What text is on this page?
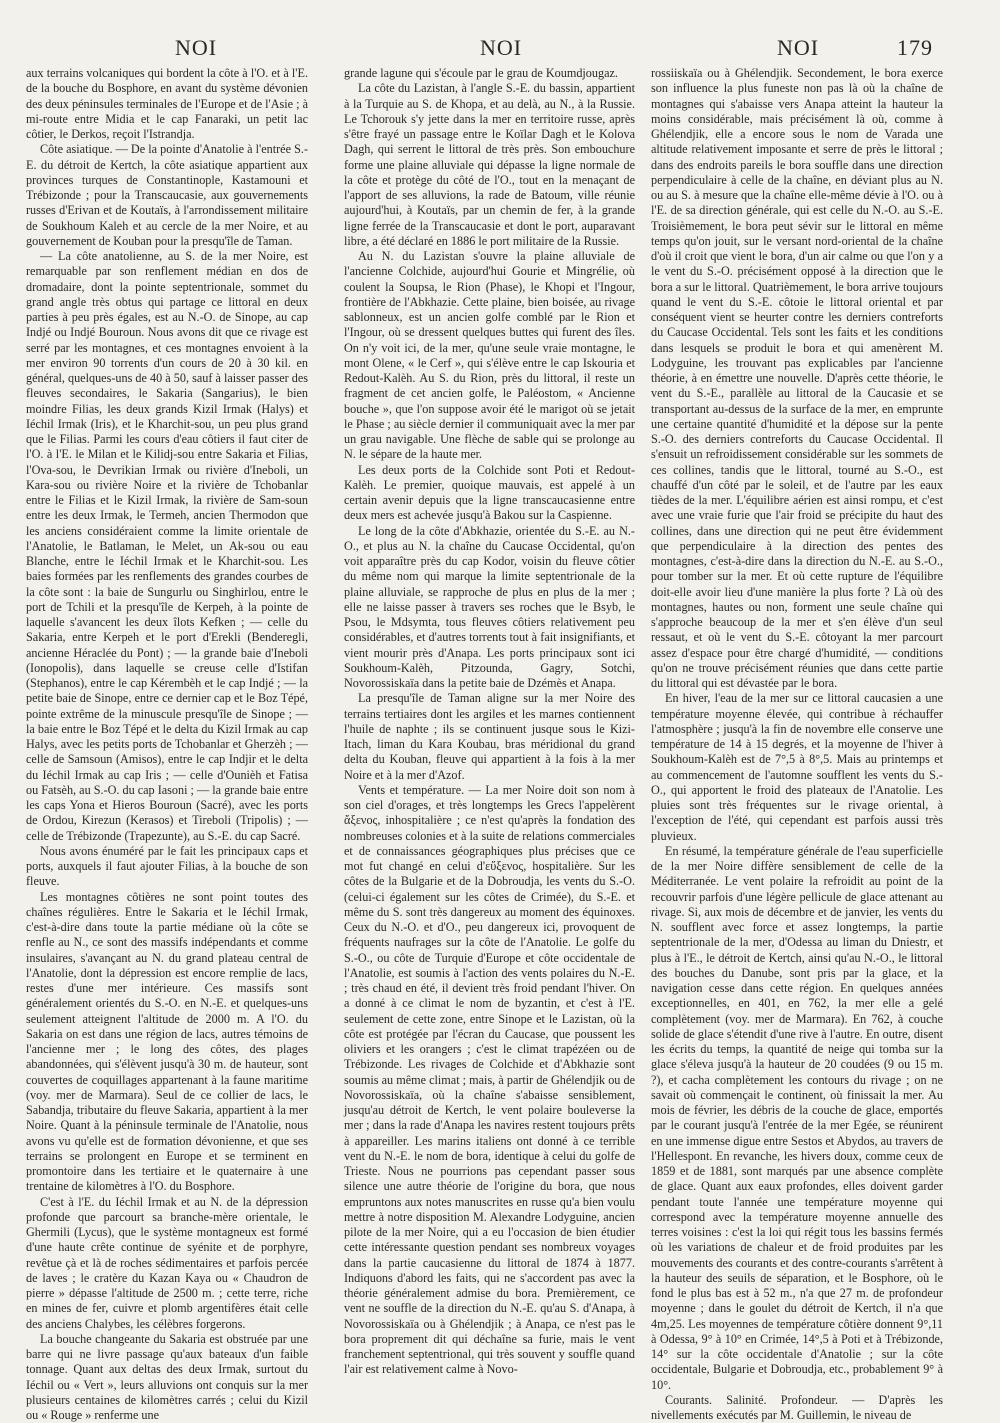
NOI	NOI	NOI	179

aux terrains volcaniques qui bordent la côte à l'O. et à l'E. de la bouche du Bosphore, en avant du système dévonien des deux péninsules terminales de l'Europe et de l'Asie ; à mi-route entre Midia et le cap Fanaraki, un petit lac côtier, le Derkos, reçoit l'Istrandja.

Côte asiatique. — De la pointe d'Anatolie à l'entrée S.-E. du détroit de Kertch, la côte asiatique appartient aux provinces turques de Constantinople, Kastamouni et Trébizonde ; pour la Transcaucasie, aux gouvernements russes d'Erivan et de Koutaïs, à l'arrondissement militaire de Soukhoum Kaleh et au cercle de la mer Noire, et au gouvernement de Kouban pour la presqu'île de Taman.

— La côte anatolienne, au S. de la mer Noire, est remarquable par son renflement médian en dos de dromadaire, dont la pointe septentrionale, sommet du grand angle très obtus qui partage ce littoral en deux parties à peu près égales, est au N.-O. de Sinope, au cap Indjé ou Indjé Bouroun. Nous avons dit que ce rivage est serré par les montagnes, et ces montagnes envoient à la mer environ 90 torrents d'un cours de 20 à 30 kil. en général, quelques-uns de 40 à 50, sauf à laisser passer des fleuves secondaires, le Sakaria (Sangarius), le bien moindre Filias, les deux grands Kizil Irmak (Halys) et Iéchil Irmak (Iris), et le Kharchit-sou, un peu plus grand que le Filias. Parmi les cours d'eau côtiers il faut citer de l'O. à l'E. le Milan et le Kilidj-sou entre Sakaria et Filias, l'Ova-sou, le Devrikian Irmak ou rivière d'Ineboli, un Kara-sou ou rivière Noire et la rivière de Tchobanlar entre le Filias et le Kizil Irmak, la rivière de Sam-soun entre les deux Irmak, le Termeh, ancien Thermodon que les anciens considéraient comme la limite orientale de l'Anatolie, le Batlaman, le Melet, un Ak-sou ou eau Blanche, entre le Iéchil Irmak et le Kharchit-sou. Les baies formées par les renflements des grandes courbes de la côte sont : la baie de Sungurlu ou Singhirlou, entre le port de Tchili et la presqu'île de Kerpeh, à la pointe de laquelle s'avancent les deux îlots Kefken ; — celle du Sakaria, entre Kerpeh et le port d'Erekli (Benderegli, ancienne Héraclée du Pont) ; — la grande baie d'Ineboli (Ionopolis), dans laquelle se creuse celle d'Istifan (Stephanos), entre le cap Kérembèh et le cap Indjé ; — la petite baie de Sinope, entre ce dernier cap et le Boz Tépé, pointe extrême de la minuscule presqu'île de Sinope ; — la baie entre le Boz Tépé et le delta du Kizil Irmak au cap Halys, avec les petits ports de Tchobanlar et Gherzèh ; — celle de Samsoun (Amisos), entre le cap Indjir et le delta du Iéchil Irmak au cap Iris ; — celle d'Ounièh et Fatisa ou Fatsèh, au S.-O. du cap Iasoni ; — la grande baie entre les caps Yona et Hieros Bouroun (Sacré), avec les ports de Ordou, Kirezun (Kerasos) et Tireboli (Tripolis) ; — celle de Trébizonde (Trapezunte), au S.-E. du cap Sacré.

Nous avons énuméré par le fait les principaux caps et ports, auxquels il faut ajouter Filias, à la bouche de son fleuve.

Les montagnes côtières ne sont point toutes des chaînes régulières. Entre le Sakaria et le Iéchil Irmak, c'est-à-dire dans toute la partie médiane où la côte se renfle au N., ce sont des massifs indépendants et comme insulaires, s'avançant au N. du grand plateau central de l'Anatolie, dont la dépression est encore remplie de lacs, restes d'une mer intérieure. Ces massifs sont généralement orientés du S.-O. en N.-E. et quelques-uns seulement atteignent l'altitude de 2000 m. A l'O. du Sakaria on est dans une région de lacs, autres témoins de l'ancienne mer ; le long des côtes, des plages abandonnées, qui s'élèvent jusqu'à 30 m. de hauteur, sont couvertes de coquillages appartenant à la faune maritime (voy. mer de Marmara). Seul de ce collier de lacs, le Sabandja, tributaire du fleuve Sakaria, appartient à la mer Noire. Quant à la péninsule terminale de l'Anatolie, nous avons vu qu'elle est de formation dévonienne, et que ses terrains se prolongent en Europe et se terminent en promontoire dans les tertiaire et le quaternaire à une trentaine de kilomètres à l'O. du Bosphore.

C'est à l'E. du Iéchil Irmak et au N. de la dépression profonde que parcourt sa branche-mère orientale, le Ghermili (Lycus), que le système montagneux est formé d'une haute crête continue de syénite et de porphyre, revêtue çà et là de roches sédimentaires et parfois percée de laves ; le cratère du Kazan Kaya ou « Chaudron de pierre » dépasse l'altitude de 2500 m. ; cette terre, riche en mines de fer, cuivre et plomb argentifères était celle des anciens Chalybes, les célèbres forgerons.

La bouche changeante du Sakaria est obstruée par une barre qui ne livre passage qu'aux bateaux d'un faible tonnage. Quant aux deltas des deux Irmak, surtout du Iéchil ou « Vert », leurs alluvions ont conquis sur la mer plusieurs centaines de kilomètres carrés ; celui du Kizil ou « Rouge » renferme une

grande lagune qui s'écoule par le grau de Koumdjougaz.

La côte du Lazistan, à l'angle S.-E. du bassin, appartient à la Turquie au S. de Khopa, et au delà, au N., à la Russie. Le Tchorouk s'y jette dans la mer en territoire russe, après s'être frayé un passage entre le Koïlar Dagh et le Kolova Dagh, qui serrent le littoral de très près. Son embouchure forme une plaine alluviale qui dépasse la ligne normale de la côte et protège du côté de l'O., tout en la menaçant de l'apport de ses alluvions, la rade de Batoum, ville réunie aujourd'hui, à Koutaïs, par un chemin de fer, à la grande ligne ferrée de la Transcaucasie et dont le port, auparavant libre, a été déclaré en 1886 le port militaire de la Russie.

Au N. du Lazistan s'ouvre la plaine alluviale de l'ancienne Colchide, aujourd'hui Gourie et Mingrélie, où coulent la Soupsa, le Rion (Phase), le Khopi et l'Ingour, frontière de l'Abkhazie. Cette plaine, bien boisée, au rivage sablonneux, est un ancien golfe comblé par le Rion et l'Ingour, où se dressent quelques buttes qui furent des îles. On n'y voit ici, de la mer, qu'une seule vraie montagne, le mont Olene, « le Cerf », qui s'élève entre le cap Iskouria et Redout-Kalèh. Au S. du Rion, près du littoral, il reste un fragment de cet ancien golfe, le Paléostom, « Ancienne bouche », que l'on suppose avoir été le marigot où se jetait le Phase ; au siècle dernier il communiquait avec la mer par un grau navigable. Une flèche de sable qui se prolonge au N. le sépare de la haute mer.

Les deux ports de la Colchide sont Poti et Redout-Kalèh. Le premier, quoique mauvais, est appelé à un certain avenir depuis que la ligne transcaucasienne entre deux mers est achevée jusqu'à Bakou sur la Caspienne.

Le long de la côte d'Abkhazie, orientée du S.-E. au N.-O., et plus au N. la chaîne du Caucase Occidental, qu'on voit apparaître près du cap Kodor, voisin du fleuve côtier du même nom qui marque la limite septentrionale de la plaine alluviale, se rapproche de plus en plus de la mer ; elle ne laisse passer à travers ses roches que le Bsyb, le Psou, le Mdsymta, tous fleuves côtiers relativement peu considérables, et d'autres torrents tout à fait insignifiants, et vient mourir près d'Anapa. Les ports principaux sont ici Soukhoum-Kalèh, Pitzounda, Gagry, Sotchi, Novorossiskaïa dans la petite baie de Dzémès et Anapa.

La presqu'île de Taman aligne sur la mer Noire des terrains tertiaires dont les argiles et les marnes contiennent l'huile de naphte ; ils se continuent jusque sous le Kizi-Itach, liman du Kara Koubau, bras méridional du grand delta du Kouban, fleuve qui appartient à la fois à la mer Noire et à la mer d'Azof.

Vents et température. — La mer Noire doit son nom à son ciel d'orages, et très longtemps les Grecs l'appelèrent ἄξενος, inhospitalière ; ce n'est qu'après la fondation des nombreuses colonies et à la suite de relations commerciales et de connaissances géographiques plus précises que ce mot fut changé en celui d'εὔξενος, hospitalière. Sur les côtes de la Bulgarie et de la Dobroudja, les vents du S.-O. (celui-ci également sur les côtes de Crimée), du S.-E. et même du S. sont très dangereux au moment des équinoxes. Ceux du N.-O. et d'O., peu dangereux ici, provoquent de fréquents naufrages sur la côte de l'Anatolie. Le golfe du S.-O., ou côte de Turquie d'Europe et côte occidentale de l'Anatolie, est soumis à l'action des vents polaires du N.-E. ; très chaud en été, il devient très froid pendant l'hiver. On a donné à ce climat le nom de byzantin, et c'est à l'E. seulement de cette zone, entre Sinope et le Lazistan, où la côte est protégée par l'écran du Caucase, que poussent les oliviers et les orangers ; c'est le climat trapézéen ou de Trébizonde. Les rivages de Colchide et d'Abkhazie sont soumis au même climat ; mais, à partir de Ghélendjik ou de Novorossiskaïa, où la chaîne s'abaisse sensiblement, jusqu'au détroit de Kertch, le vent polaire bouleverse la mer ; dans la rade d'Anapa les navires restent toujours prêts à appareiller. Les marins italiens ont donné à ce terrible vent du N.-E. le nom de bora, identique à celui du golfe de Trieste. Nous ne pourrions pas cependant passer sous silence une autre théorie de l'origine du bora, que nous empruntons aux notes manuscrites en russe qu'a bien voulu mettre à notre disposition M. Alexandre Lodyguine, ancien pilote de la mer Noire, qui a eu l'occasion de bien étudier cette intéressante question pendant ses nombreux voyages dans la partie caucasienne du littoral de 1874 à 1877. Indiquons d'abord les faits, qui ne s'accordent pas avec la théorie généralement admise du bora. Premièrement, ce vent ne souffle de la direction du N.-E. qu'au S. d'Anapa, à Novorossiskaïa ou à Ghélendjik ; à Anapa, ce n'est pas le bora proprement dit qui déchaîne sa furie, mais le vent franchement septentrional, qui très souvent y souffle quand l'air est relativement calme à Novo-

rossiiskaïa ou à Ghélendjik. Secondement, le bora exerce son influence la plus funeste non pas là où la chaîne de montagnes qui s'abaisse vers Anapa atteint la hauteur la moins considérable, mais précisément là où, comme à Ghélendjik, elle a encore sous le nom de Varada une altitude relativement imposante et serre de près le littoral ; dans des endroits pareils le bora souffle dans une direction perpendiculaire à celle de la chaîne, en déviant plus au N. ou au S. à mesure que la chaîne elle-même dévie à l'O. ou à l'E. de sa direction générale, qui est celle du N.-O. au S.-E. Troisièmement, le bora peut sévir sur le littoral en même temps qu'on jouit, sur le versant nord-oriental de la chaîne d'où il croit que vient le bora, d'un air calme ou que l'on y a le vent du S.-O. précisément opposé à la direction que le bora a sur le littoral. Quatrièmement, le bora arrive toujours quand le vent du S.-E. côtoie le littoral oriental et par conséquent vient se heurter contre les derniers contreforts du Caucase Occidental. Tels sont les faits et les conditions dans lesquels se produit le bora et qui amenèrent M. Lodyguine, les trouvant pas explicables par l'ancienne théorie, à en émettre une nouvelle. D'après cette théorie, le vent du S.-E., parallèle au littoral de la Caucasie et se transportant au-dessus de la surface de la mer, en emprunte une certaine quantité d'humidité et la dépose sur la pente S.-O. des derniers contreforts du Caucase Occidental. Il s'ensuit un refroidissement considérable sur les sommets de ces collines, tandis que le littoral, tourné au S.-O., est chauffé d'un côté par le soleil, et de l'autre par les eaux tièdes de la mer. L'équilibre aérien est ainsi rompu, et c'est avec une vraie furie que l'air froid se précipite du haut des collines, dans une direction qui ne peut être évidemment que perpendiculaire à la direction des pentes des montagnes, c'est-à-dire dans la direction du N.-E. au S.-O., pour tomber sur la mer. Et où cette rupture de l'équilibre doit-elle avoir lieu d'une manière la plus forte ? Là où des montagnes, hautes ou non, forment une seule chaîne qui s'approche beaucoup de la mer et s'en élève d'un seul ressaut, et où le vent du S.-E. côtoyant la mer parcourt assez d'espace pour être chargé d'humidité, — conditions qu'on ne trouve précisément réunies que dans cette partie du littoral qui est dévastée par le bora.

En hiver, l'eau de la mer sur ce littoral caucasien a une température moyenne élevée, qui contribue à réchauffer l'atmosphère ; jusqu'à la fin de novembre elle conserve une température de 14 à 15 degrés, et la moyenne de l'hiver à Soukhoum-Kalèh est de 7°,5 à 8°,5. Mais au printemps et au commencement de l'automne soufflent les vents du S.-O., qui apportent le froid des plateaux de l'Anatolie. Les pluies sont très fréquentes sur le rivage oriental, à l'exception de l'été, qui cependant est parfois aussi très pluvieux.

En résumé, la température générale de l'eau superficielle de la mer Noire diffère sensiblement de celle de la Méditerranée. Le vent polaire la refroidit au point de la recouvrir parfois d'une légère pellicule de glace attenant au rivage. Si, aux mois de décembre et de janvier, les vents du N. soufflent avec force et assez longtemps, la partie septentrionale de la mer, d'Odessa au liman du Dniestr, et plus à l'E., le détroit de Kertch, ainsi qu'au N.-O., le littoral des bouches du Danube, sont pris par la glace, et la navigation cesse dans cette région. En quelques années exceptionnelles, en 401, en 762, la mer elle a gelé complètement (voy. mer de Marmara). En 762, à couche solide de glace s'étendit d'une rive à l'autre. En outre, disent les écrits du temps, la quantité de neige qui tomba sur la glace s'éleva jusqu'à la hauteur de 20 coudées (9 ou 15 m. ?), et cacha complètement les contours du rivage ; on ne savait où commençait le continent, où finissait la mer. Au mois de février, les débris de la couche de glace, emportés par le courant jusqu'à l'entrée de la mer Egée, se réunirent en une immense digue entre Sestos et Abydos, au travers de l'Hellespont. En revanche, les hivers doux, comme ceux de 1859 et de 1881, sont marqués par une absence complète de glace. Quant aux eaux profondes, elles doivent garder pendant toute l'année une température moyenne qui correspond avec la température moyenne annuelle des terres voisines : c'est la loi qui régit tous les bassins fermés où les variations de chaleur et de froid produites par les mouvements des courants et des contre-courants s'arrêtent à la hauteur des seuils de séparation, et le Bosphore, où le fond le plus bas est à 52 m., n'a que 27 m. de profondeur moyenne ; dans le goulet du détroit de Kertch, il n'a que 4m,25. Les moyennes de température côtière donnent 9°,11 à Odessa, 9° à 10° en Crimée, 14°,5 à Poti et à Trébizonde, 14° sur la côte occidentale d'Anatolie ; sur la côte occidentale, Bulgarie et Dobroudja, etc., probablement 9° à 10°.

Courants. Salinité. Profondeur. — D'après les nivellements exécutés par M. Guillemin, le niveau de
